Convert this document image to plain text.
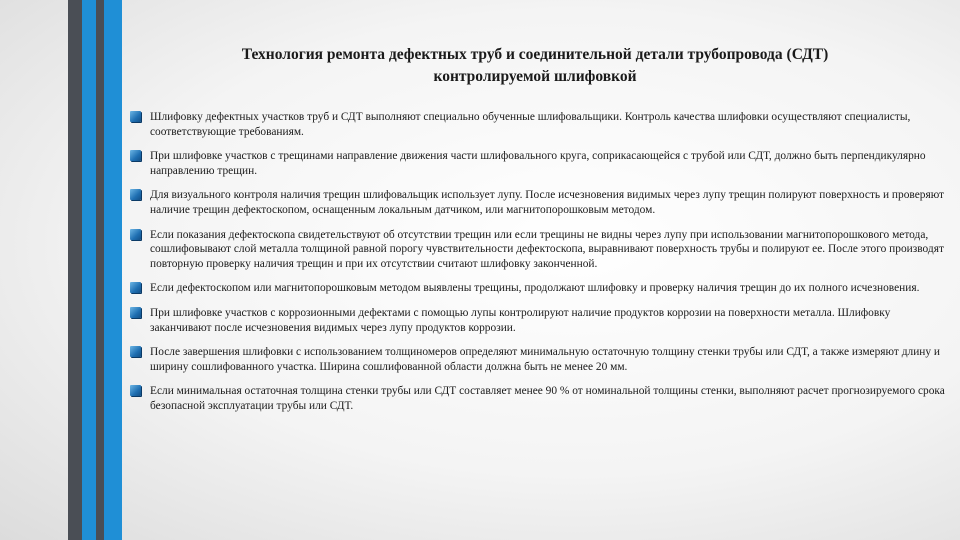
Технология ремонта дефектных труб и соединительной детали трубопровода (СДТ)
контролируемой шлифовкой
Шлифовку дефектных участков труб и СДТ выполняют специально обученные шлифовальщики. Контроль качества шлифовки осуществляют специалисты, соответствующие требованиям.
При шлифовке участков с трещинами направление движения части шлифовального круга, соприкасающейся с трубой или СДТ, должно быть перпендикулярно направлению трещин.
Для визуального контроля наличия трещин шлифовальщик использует лупу. После исчезновения видимых через лупу трещин полируют поверхность и проверяют наличие трещин дефектоскопом, оснащенным локальным датчиком, или магнитопорошковым методом.
Если показания дефектоскопа свидетельствуют об отсутствии трещин или если трещины не видны через лупу при использовании магнитопорошкового метода, сошлифовывают слой металла толщиной равной порогу чувствительности дефектоскопа, выравнивают поверхность трубы и полируют ее. После этого производят повторную проверку наличия трещин и при их отсутствии считают шлифовку законченной.
Если дефектоскопом или магнитопорошковым методом выявлены трещины, продолжают шлифовку и проверку наличия трещин до их полного исчезновения.
При шлифовке участков с коррозионными дефектами с помощью лупы контролируют наличие продуктов коррозии на поверхности металла. Шлифовку заканчивают после исчезновения видимых через лупу продуктов коррозии.
После завершения шлифовки с использованием толщиномеров определяют минимальную остаточную толщину стенки трубы или СДТ, а также измеряют длину и ширину сошлифованного участка. Ширина сошлифованной области должна быть не менее 20 мм.
Если минимальная остаточная толщина стенки трубы или СДТ составляет менее 90 % от номинальной толщины стенки, выполняют расчет прогнозируемого срока безопасной эксплуатации трубы или СДТ.
